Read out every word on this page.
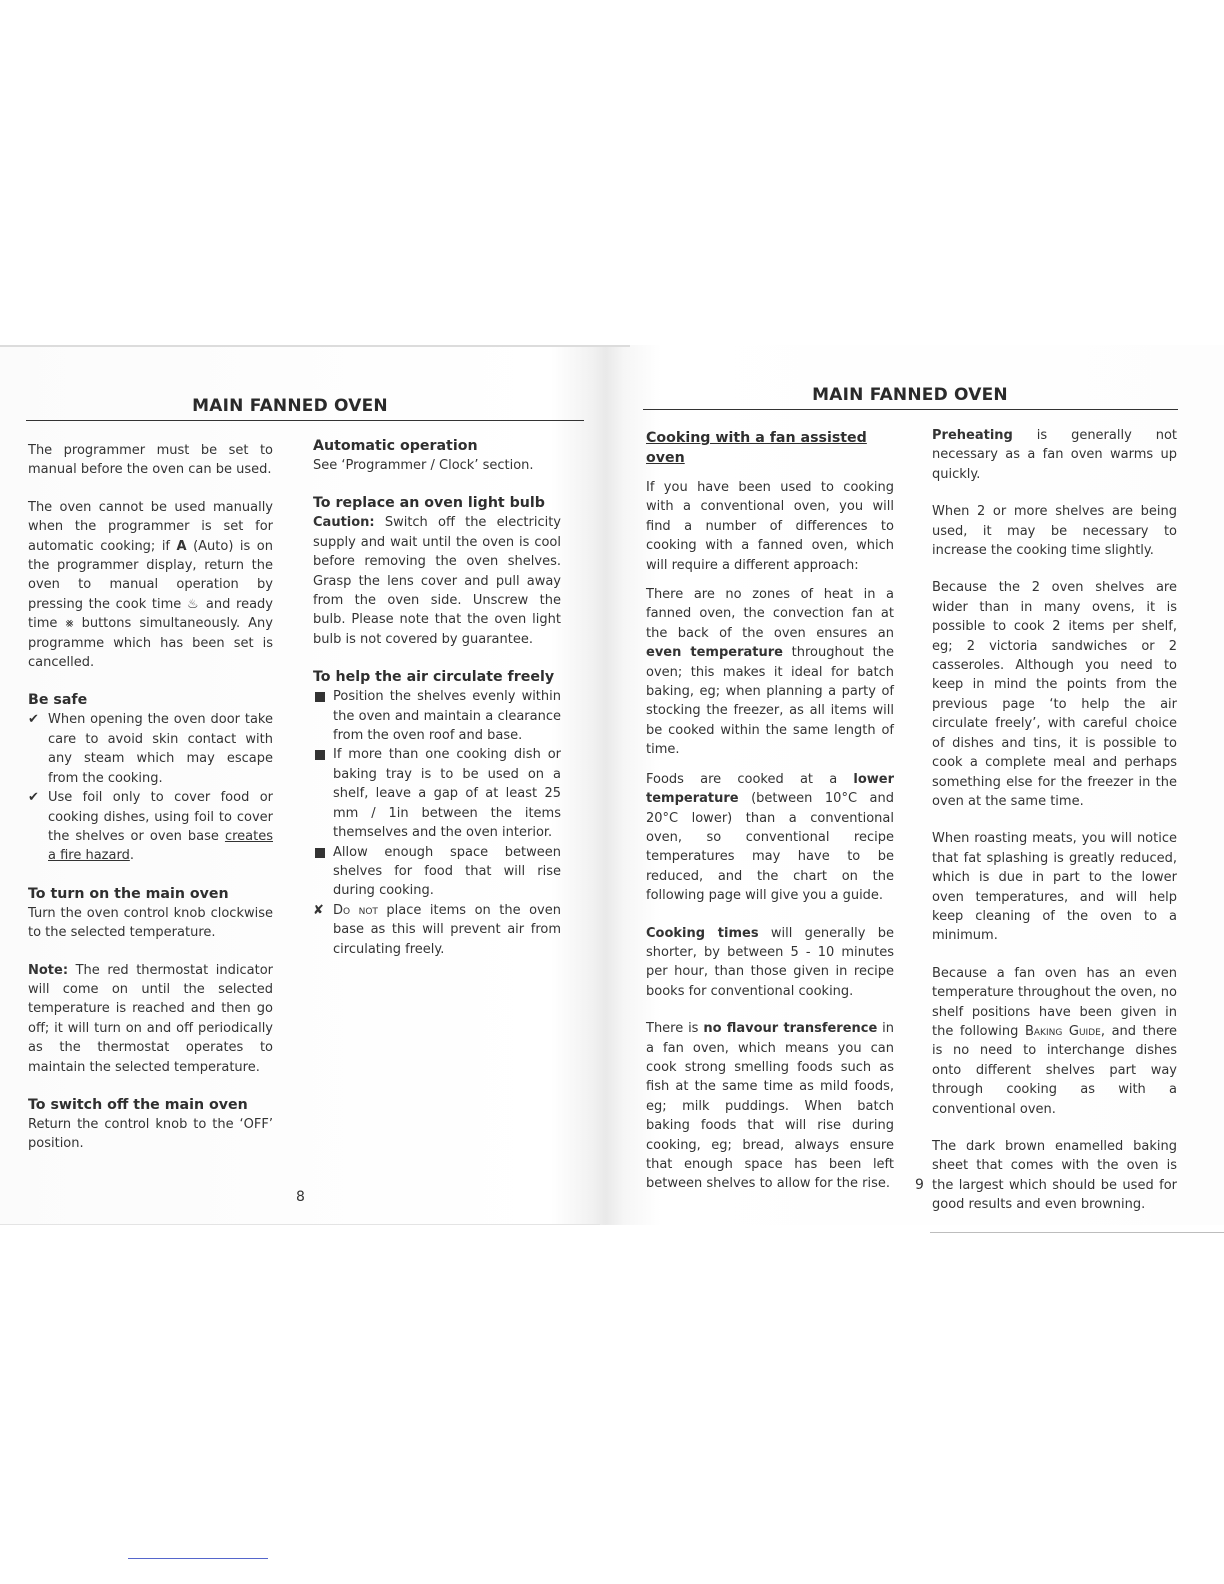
MAIN FANNED OVEN

The programmer must be set to manual before the oven can be used.

The oven cannot be used manually when the programmer is set for automatic cooking; if A (Auto) is on the programmer display, return the oven to manual operation by pressing the cook time ♨ and ready time ⨳ buttons simultaneously. Any programme which has been set is cancelled.

Be safe
✔ When opening the oven door take care to avoid skin contact with any steam which may escape from the cooking.
✔ Use foil only to cover food or cooking dishes, using foil to cover the shelves or oven base creates a fire hazard.
To turn on the main oven

Turn the oven control knob clockwise to the selected temperature.

Note: The red thermostat indicator will come on until the selected temperature is reached and then go off; it will turn on and off periodically as the thermostat operates to maintain the selected temperature.

To switch off the main oven

Return the control knob to the ‘OFF’ position.

Automatic operation

See ‘Programmer / Clock’ section.

To replace an oven light bulb

Caution: Switch off the electricity supply and wait until the oven is cool before removing the oven shelves. Grasp the lens cover and pull away from the oven side. Unscrew the bulb. Please note that the oven light bulb is not covered by guarantee.

To help the air circulate freely
Position the shelves evenly within the oven and maintain a clearance from the oven roof and base.
If more than one cooking dish or baking tray is to be used on a shelf, leave a gap of at least 25 mm / 1in between the items themselves and the oven interior.
Allow enough space between shelves for food that will rise during cooking.
✘ Do not place items on the oven base as this will prevent air from circulating freely.
8
MAIN FANNED OVEN
Cooking with a fan assisted oven

If you have been used to cooking with a conventional oven, you will find a number of differences to cooking with a fanned oven, which will require a different approach:

There are no zones of heat in a fanned oven, the convection fan at the back of the oven ensures an even temperature throughout the oven; this makes it ideal for batch baking, eg; when planning a party of stocking the freezer, as all items will be cooked within the same length of time.

Foods are cooked at a lower temperature (between 10°C and 20°C lower) than a conventional oven, so conventional recipe temperatures may have to be reduced, and the chart on the following page will give you a guide.

Cooking times will generally be shorter, by between 5 - 10 minutes per hour, than those given in recipe books for conventional cooking.

There is no flavour transference in a fan oven, which means you can cook strong smelling foods such as fish at the same time as mild foods, eg; milk puddings. When batch baking foods that will rise during cooking, eg; bread, always ensure that enough space has been left between shelves to allow for the rise.

Preheating is generally not necessary as a fan oven warms up quickly.

When 2 or more shelves are being used, it may be necessary to increase the cooking time slightly.

Because the 2 oven shelves are wider than in many ovens, it is possible to cook 2 items per shelf, eg; 2 victoria sandwiches or 2 casseroles. Although you need to keep in mind the points from the previous page ‘to help the air circulate freely’, with careful choice of dishes and tins, it is possible to cook a complete meal and perhaps something else for the freezer in the oven at the same time.

When roasting meats, you will notice that fat splashing is greatly reduced, which is due in part to the lower oven temperatures, and will help keep cleaning of the oven to a minimum.

Because a fan oven has an even temperature throughout the oven, no shelf positions have been given in the following Baking Guide, and there is no need to interchange dishes onto different shelves part way through cooking as with a conventional oven.

The dark brown enamelled baking sheet that comes with the oven is the largest which should be used for good results and even browning.

9
